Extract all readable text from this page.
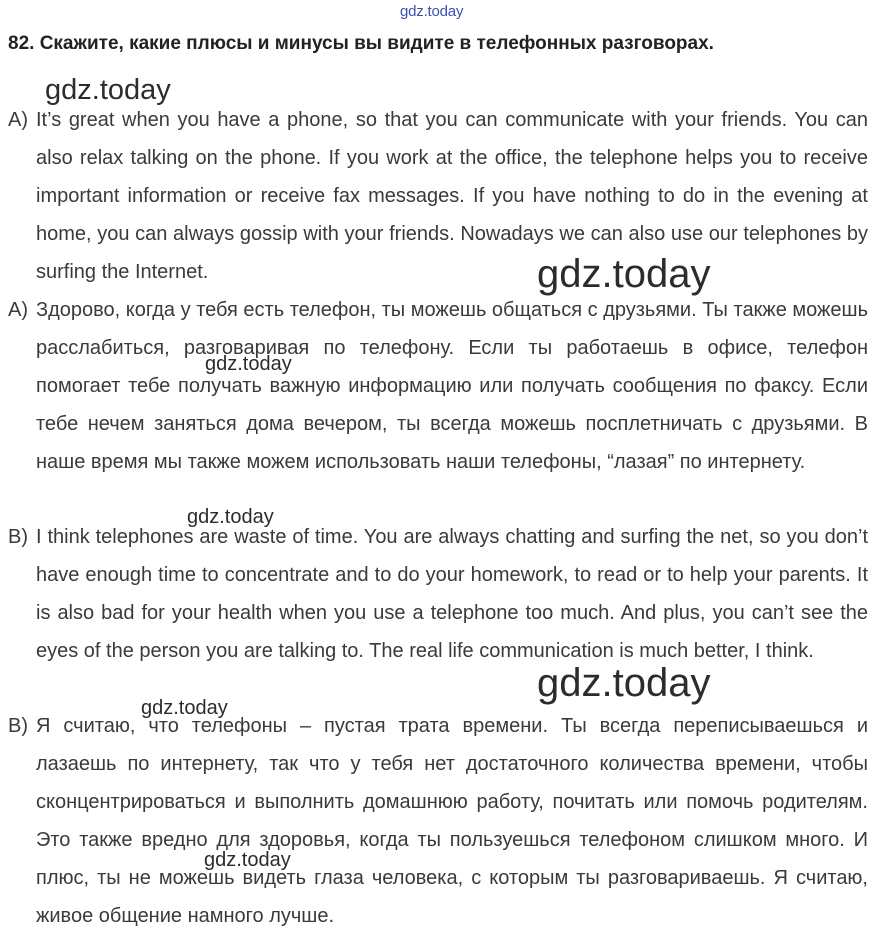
gdz.today
82. Скажите, какие плюсы и минусы вы видите в телефонных разговорах.
A) It’s great when you have a phone, so that you can communicate with your friends. You can also relax talking on the phone. If you work at the office, the telephone helps you to receive important information or receive fax messages. If you have nothing to do in the evening at home, you can always gossip with your friends. Nowadays we can also use our telephones by surfing the Internet.
A) Здорово, когда у тебя есть телефон, ты можешь общаться с друзьями. Ты также можешь расслабиться, разговаривая по телефону. Если ты работаешь в офисе, телефон помогает тебе получать важную информацию или получать сообщения по факсу. Если тебе нечем заняться дома вечером, ты всегда можешь посплетничать с друзьями. В наше время мы также можем использовать наши телефоны, “лазая” по интернету.
B) I think telephones are waste of time. You are always chatting and surfing the net, so you don’t have enough time to concentrate and to do your homework, to read or to help your parents. It is also bad for your health when you use a telephone too much. And plus, you can’t see the eyes of the person you are talking to. The real life communication is much better, I think.
B) Я считаю, что телефоны – пустая трата времени. Ты всегда переписываешься и лазаешь по интернету, так что у тебя нет достаточного количества времени, чтобы сконцентрироваться и выполнить домашнюю работу, почитать или помочь родителям. Это также вредно для здоровья, когда ты пользуешься телефоном слишком много. И плюс, ты не можешь видеть глаза человека, с которым ты разговариваешь. Я считаю, живое общение намного лучше.
gdz.today
gdz.today
gdz.today
gdz.today
gdz.today
gdz.today
gdz.today
